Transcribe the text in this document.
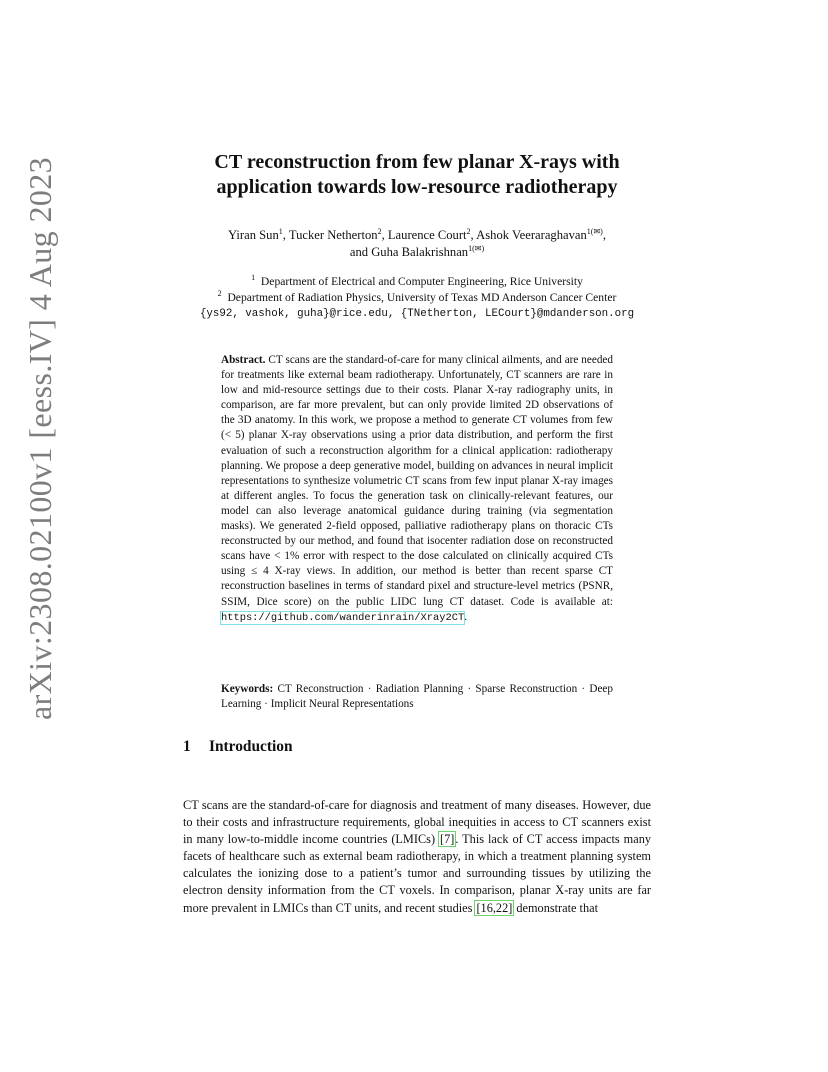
arXiv:2308.02100v1 [eess.IV] 4 Aug 2023	CT reconstruction from few planar X-rays with
application towards low-resource radiotherapy
Yiran Sun$^1$, Tucker Netherton$^2$, Laurence Court$^2$, Ashok Veeraraghavan$^{1(✉)}$,
and Guha Balakrishnan$^{1(✉)}$
$^1$ Department of Electrical and Computer Engineering, Rice University
$^2$ Department of Radiation Physics, University of Texas MD Anderson Cancer Center
{ys92, vashok, guha}@rice.edu, {TNetherton, LECourt}@mdanderson.org
Abstract. CT scans are the standard-of-care for many clinical ailments, and are needed for treatments like external beam radiotherapy. Unfortunately, CT scanners are rare in low and mid-resource settings due to their costs. Planar X-ray radiography units, in comparison, are far more prevalent, but can only provide limited 2D observations of the 3D anatomy. In this work, we propose a method to generate CT volumes from few (< 5) planar X-ray observations using a prior data distribution, and perform the first evaluation of such a reconstruction algorithm for a clinical application: radiotherapy planning. We propose a deep generative model, building on advances in neural implicit representations to synthesize volumetric CT scans from few input planar X-ray images at different angles. To focus the generation task on clinically-relevant features, our model can also leverage anatomical guidance during training (via segmentation masks). We generated 2-field opposed, palliative radiotherapy plans on thoracic CTs reconstructed by our method, and found that isocenter radiation dose on reconstructed scans have < 1% error with respect to the dose calculated on clinically acquired CTs using ≤ 4 X-ray views. In addition, our method is better than recent sparse CT reconstruction baselines in terms of standard pixel and structure-level metrics (PSNR, SSIM, Dice score) on the public LIDC lung CT dataset. Code is available at: https://github.com/wanderinrain/Xray2CT.
Keywords: CT Reconstruction · Radiation Planning · Sparse Reconstruction · Deep Learning · Implicit Neural Representations
1 Introduction
CT scans are the standard-of-care for diagnosis and treatment of many diseases. However, due to their costs and infrastructure requirements, global inequities in access to CT scanners exist in many low-to-middle income countries (LMICs) [7]. This lack of CT access impacts many facets of healthcare such as external beam radiotherapy, in which a treatment planning system calculates the ionizing dose to a patient’s tumor and surrounding tissues by utilizing the electron density information from the CT voxels. In comparison, planar X-ray units are far more prevalent in LMICs than CT units, and recent studies [16,22] demonstrate that
